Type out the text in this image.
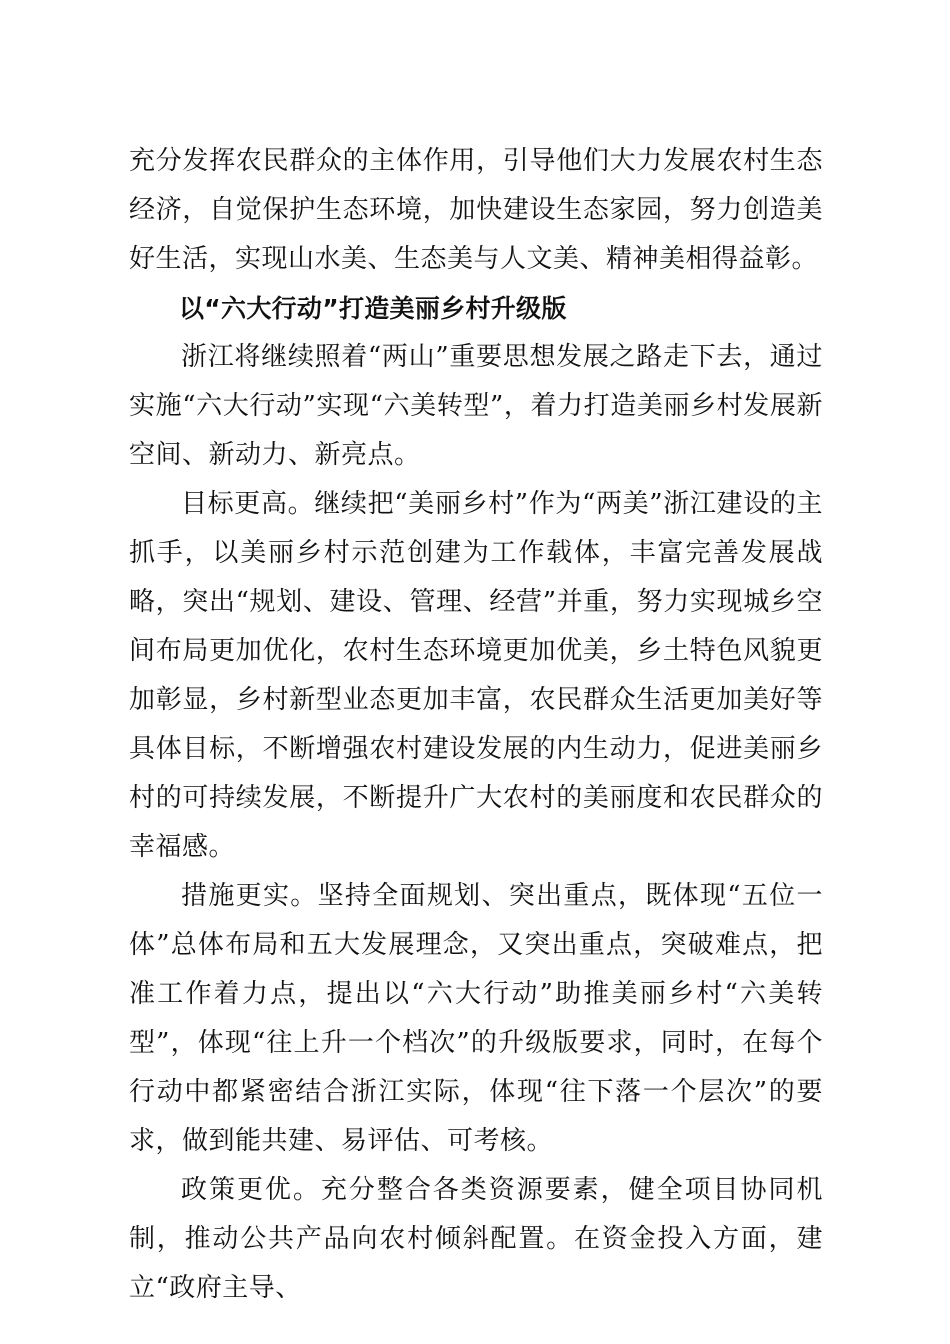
充分发挥农民群众的主体作用，引导他们大力发展农村生态经济，自觉保护生态环境，加快建设生态家园，努力创造美好生活，实现山水美、生态美与人文美、精神美相得益彰。

以“六大行动”打造美丽乡村升级版

浙江将继续照着“两山”重要思想发展之路走下去，通过实施“六大行动”实现“六美转型”，着力打造美丽乡村发展新空间、新动力、新亮点。

目标更高。继续把“美丽乡村”作为“两美”浙江建设的主抓手，以美丽乡村示范创建为工作载体，丰富完善发展战略，突出“规划、建设、管理、经营”并重，努力实现城乡空间布局更加优化，农村生态环境更加优美，乡土特色风貌更加彰显，乡村新型业态更加丰富，农民群众生活更加美好等具体目标，不断增强农村建设发展的内生动力，促进美丽乡村的可持续发展，不断提升广大农村的美丽度和农民群众的幸福感。

措施更实。坚持全面规划、突出重点，既体现“五位一体”总体布局和五大发展理念，又突出重点，突破难点，把准工作着力点，提出以“六大行动”助推美丽乡村“六美转型”，体现“往上升一个档次”的升级版要求，同时，在每个行动中都紧密结合浙江实际，体现“往下落一个层次”的要求，做到能共建、易评估、可考核。

政策更优。充分整合各类资源要素，健全项目协同机制，推动公共产品向农村倾斜配置。在资金投入方面，建立“政府主导、
